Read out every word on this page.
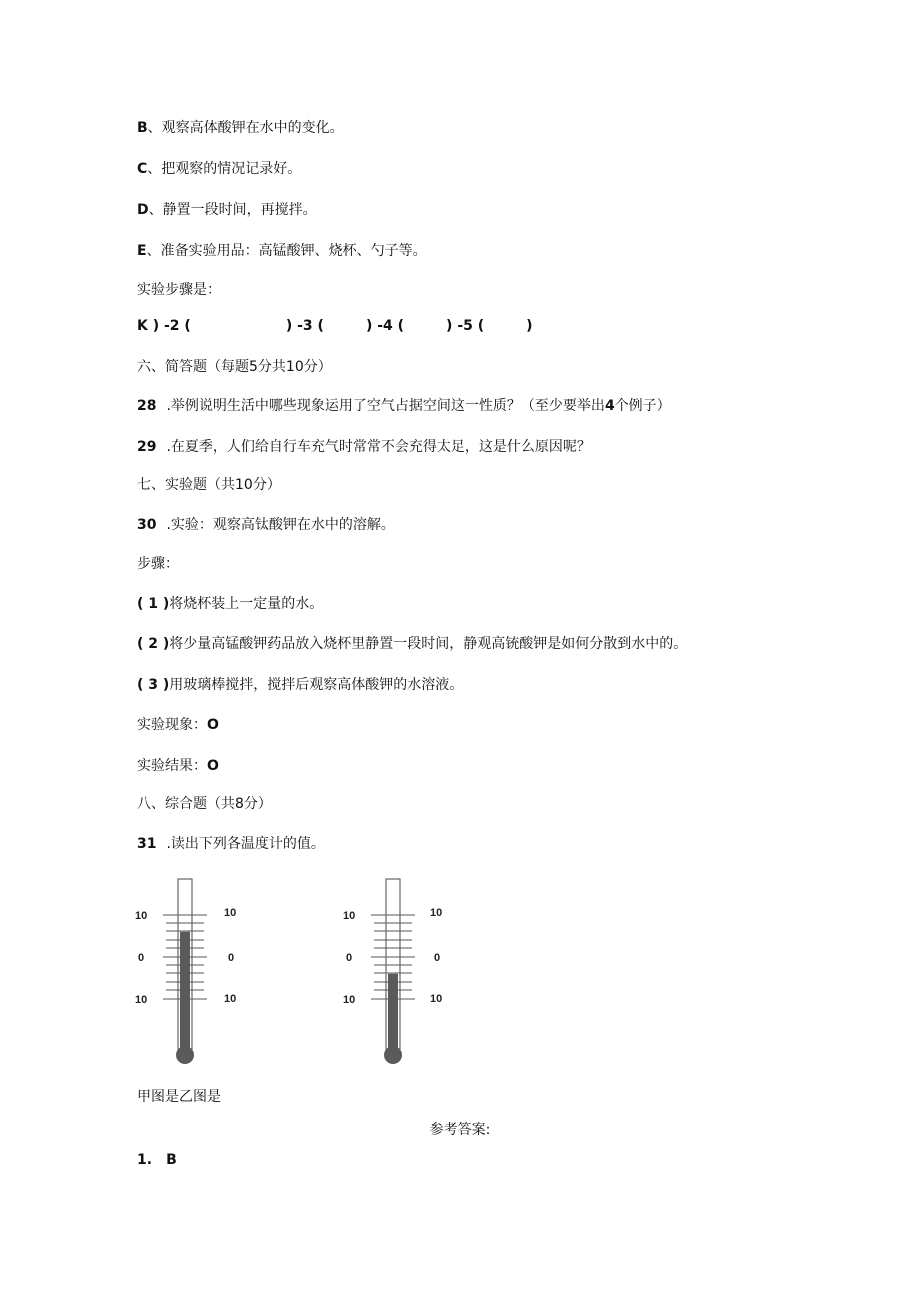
B、观察高体酸钾在水中的变化。
C、把观察的情况记录好。
D、静置一段时间，再搅拌。
E、准备实验用品：高锰酸钾、烧杯、勺子等。
实验步骤是：
K ) -2 (	) -3 (	) -4 (	) -5 (	)
六、简答题（每题5分共10分）
28 .举例说明生活中哪些现象运用了空气占据空间这一性质？（至少要举出4个例子）
29 .在夏季，人们给自行车充气时常常不会充得太足，这是什么原因呢？
七、实验题（共10分）
30 .实验：观察高钛酸钾在水中的溶解。
步骤：
( 1 )将烧杯装上一定量的水。
( 2 )将少量高锰酸钾药品放入烧杯里静置一段时间，静观高铳酸钾是如何分散到水中的。
( 3 )用玻璃棒搅拌，搅拌后观察高体酸钾的水溶液。
实验现象：O
实验结果：O
八、综合题（共8分）
31 .读出下列各温度计的值。
10	10
0	0
10	10
10	10
0	0
10	10
甲图是乙图是
参考答案:
1. B
